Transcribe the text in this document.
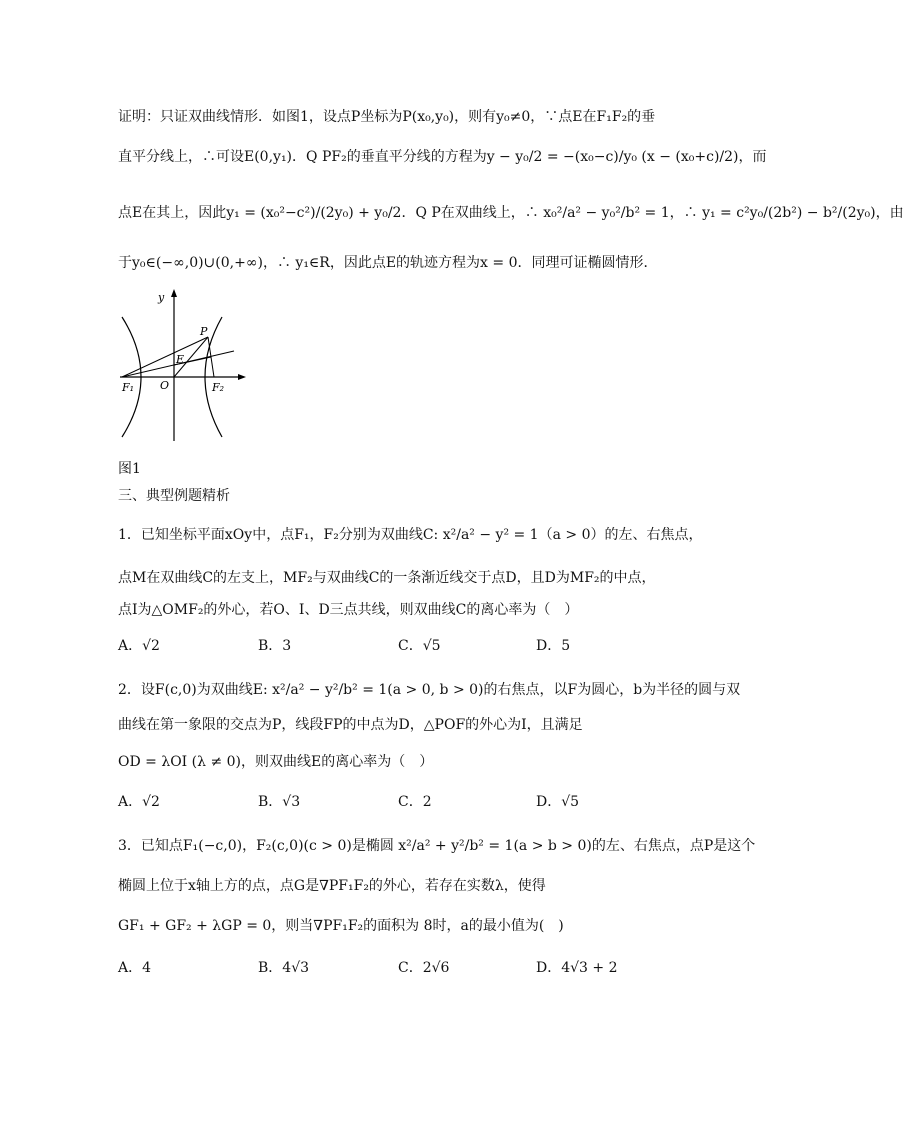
证明：只证双曲线情形．如图1，设点P坐标为P(x₀,y₀)，则有y₀≠0，∵点E在F₁F₂的垂
直平分线上，∴可设E(0,y₁)．Q PF₂的垂直平分线的方程为y − y₀/2 = −(x₀−c)/y₀ (x − (x₀+c)/2)，而
点E在其上，因此y₁ = (x₀²−c²)/(2y₀) + y₀/2．Q P在双曲线上，∴ x₀²/a² − y₀²/b² = 1，∴ y₁ = c²y₀/(2b²) − b²/(2y₀)，由
于y₀∈(−∞,0)∪(0,+∞)，∴ y₁∈R，因此点E的轨迹方程为x = 0．同理可证椭圆情形．
y
P
E
F₁ O	F₂
图1
三、典型例题精析
1．已知坐标平面xOy中，点F₁，F₂分别为双曲线C: x²/a² − y² = 1（a > 0）的左、右焦点，
点M在双曲线C的左支上，MF₂与双曲线C的一条渐近线交于点D，且D为MF₂的中点，
点I为△OMF₂的外心，若O、I、D三点共线，则双曲线C的离心率为（　）
A．√2	B．3	C．√5	D．5
2．设F(c,0)为双曲线E: x²/a² − y²/b² = 1(a > 0, b > 0)的右焦点，以F为圆心，b为半径的圆与双
曲线在第一象限的交点为P，线段FP的中点为D，△POF的外心为I，且满足
OD = λOI (λ ≠ 0)，则双曲线E的离心率为（　）
A．√2	B．√3	C．2	D．√5
3．已知点F₁(−c,0)，F₂(c,0)(c > 0)是椭圆 x²/a² + y²/b² = 1(a > b > 0)的左、右焦点，点P是这个
椭圆上位于x轴上方的点，点G是∇PF₁F₂的外心，若存在实数λ，使得
GF₁ + GF₂ + λGP = 0，则当∇PF₁F₂的面积为 8时，a的最小值为(　)
A．4	B．4√3	C．2√6	D．4√3 + 2
